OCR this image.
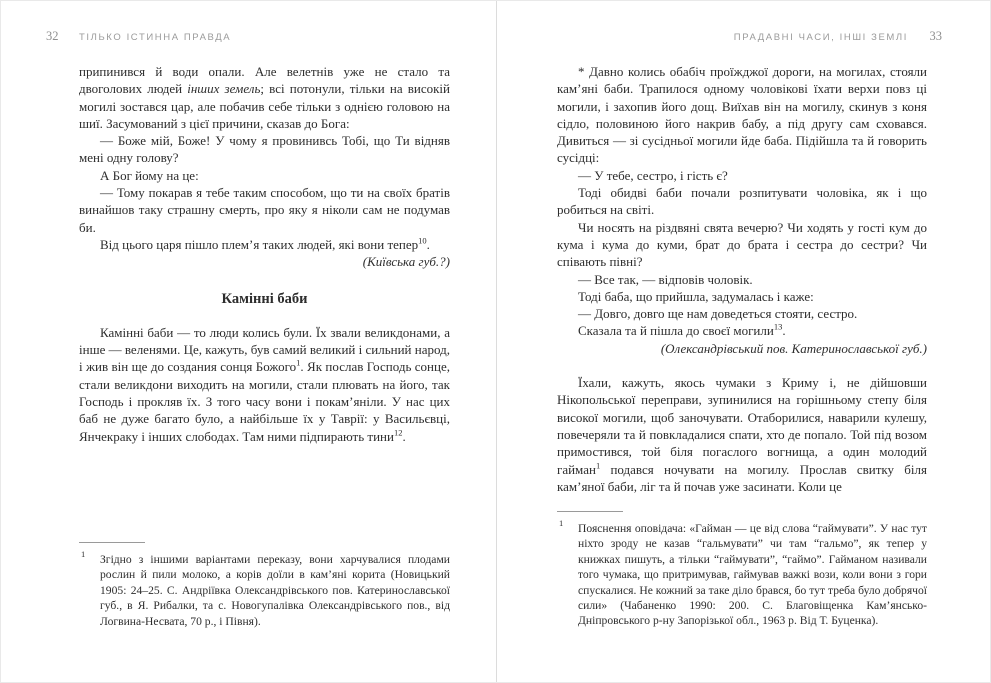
32 ТІЛЬКО ІСТИННА ПРАВДА

припинився й води опали. Але велетнів уже не стало та двоголових людей інших земель; всі потонули, тільки на високій могилі зостався цар, але побачив себе тільки з однією головою на шиї. Засумований з цієї причини, сказав до Бога:

— Боже мій, Боже! У чому я провинивсь Тобі, що Ти відняв мені одну голову?

А Бог йому на це:

— Тому покарав я тебе таким способом, що ти на своїх братів винайшов таку страшну смерть, про яку я ніколи сам не подумав би.

Від цього царя пішло плем’я таких людей, які вони тепер$^{10}$.

(Київська губ.?)

Камінні баби

Камінні баби — то люди колись були. Їх звали великдонами, а інше — веленями. Це, кажуть, був самий великий і сильний народ, і жив він ще до создания сонця Божого$^1$. Як послав Господь сонце, стали великдони виходить на могили, стали плювать на його, так Господь і прокляв їх. З того часу вони і покам’яніли. У нас цих баб не дуже багато було, а найбільше їх у Таврії: у Васильєвці, Янчекраку і інших слободах. Там ними підпирають тини$^{12}$.

1 Згідно з іншими варіантами переказу, вони харчувалися плодами рослин й пили молоко, а корів доїли в кам’яні корита (Новицький 1905: 24–25. С. Андріївка Олександрівського пов. Катеринославської губ., в Я. Рибалки, та с. Новогупалівка Олександрівського пов., від Логвина-Несвата, 70 р., і Півня).
ПРАДАВНІ ЧАСИ, ІНШІ ЗЕМЛІ 33

* Давно колись обабіч проїжджої дороги, на могилах, стояли кам’яні баби. Трапилося одному чоловікові їхати верхи повз ці могили, і захопив його дощ. Виїхав він на могилу, скинув з коня сідло, половиною його накрив бабу, а під другу сам сховався. Дивиться — зі сусідньої могили йде баба. Підійшла та й говорить сусідці:

— У тебе, сестро, і гість є?

Тоді обидві баби почали розпитувати чоловіка, як і що робиться на світі.

Чи носять на різдвяні свята вечерю? Чи ходять у гості кум до кума і кума до куми, брат до брата і сестра до сестри? Чи співають півні?

— Все так, — відповів чоловік.

Тоді баба, що прийшла, задумалась і каже:

— Довго, довго ще нам доведеться стояти, сестро.

Сказала та й пішла до своєї могили$^{13}$.

(Олександрівський пов. Катеринославської губ.)

Їхали, кажуть, якось чумаки з Криму і, не дійшовши Нікопольської переправи, зупинилися на горішньому степу біля високої могили, щоб заночувати. Отаборилися, наварили кулешу, повечеряли та й повкладалися спати, хто де попало. Той під возом примостився, той біля погаслого вогнища, а один молодий гайман$^1$ подався ночувати на могилу. Прослав свитку біля кам’яної баби, ліг та й почав уже засинати. Коли це

1 Пояснення оповідача: «Гайман — це від слова “гаймувати”. У нас тут ніхто зроду не казав “гальмувати” чи там “гальмо”, як тепер у книжках пишуть, а тільки “гаймувати”, “гаймо”. Гайманом називали того чумака, що притримував, гаймував важкі вози, коли вони з гори спускалися. Не кожний за таке діло брався, бо тут треба було добрячої сили» (Чабаненко 1990: 200. С. Благовіщенка Кам’янсько-Дніпровського р-ну Запорізької обл., 1963 р. Від Т. Буценка).
